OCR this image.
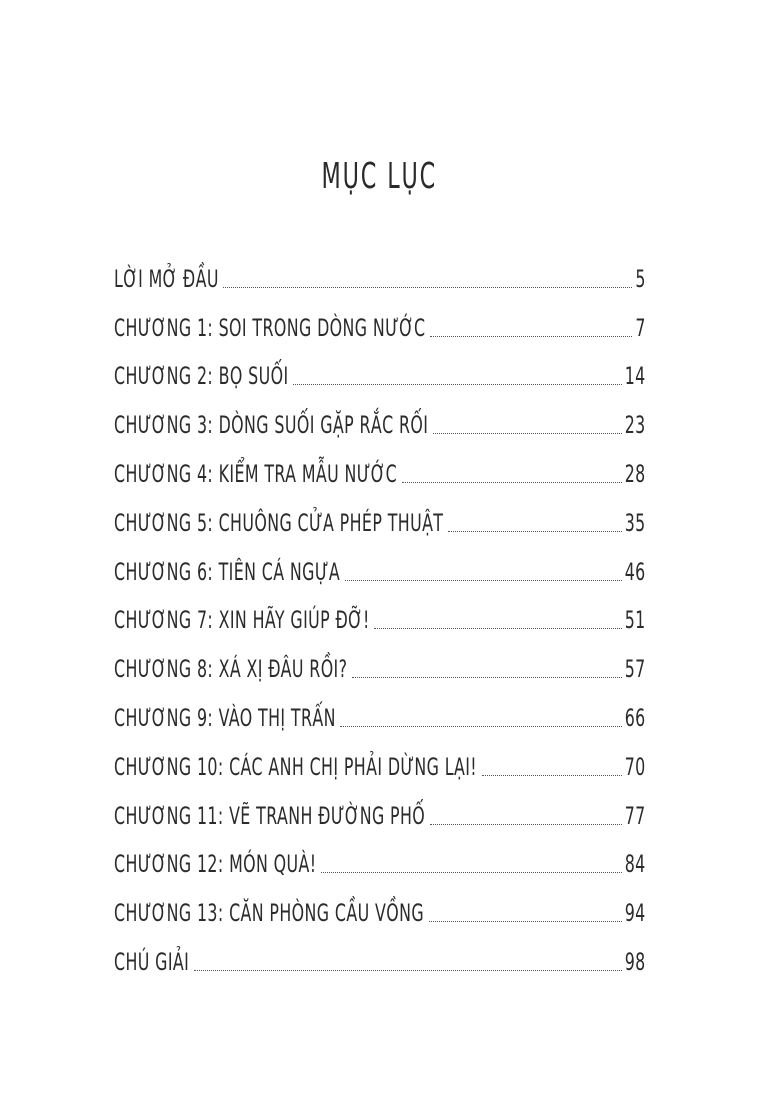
MỤC LỤC
LỜI MỞ ĐẦU	5
CHƯƠNG 1: SOI TRONG DÒNG NƯỚC	7
CHƯƠNG 2: BỌ SUỐI	14
CHƯƠNG 3: DÒNG SUỐI GẶP RẮC RỐI	23
CHƯƠNG 4: KIỂM TRA MẪU NƯỚC	28
CHƯƠNG 5: CHUÔNG CỬA PHÉP THUẬT	35
CHƯƠNG 6: TIÊN CÁ NGỰA	46
CHƯƠNG 7: XIN HÃY GIÚP ĐỠ!	51
CHƯƠNG 8: XÁ XỊ ĐÂU RỒI?	57
CHƯƠNG 9: VÀO THỊ TRẤN	66
CHƯƠNG 10: CÁC ANH CHỊ PHẢI DỪNG LẠI!	70
CHƯƠNG 11: VẼ TRANH ĐƯỜNG PHỐ	77
CHƯƠNG 12: MÓN QUÀ!	84
CHƯƠNG 13: CĂN PHÒNG CẦU VỒNG	94
CHÚ GIẢI	98
